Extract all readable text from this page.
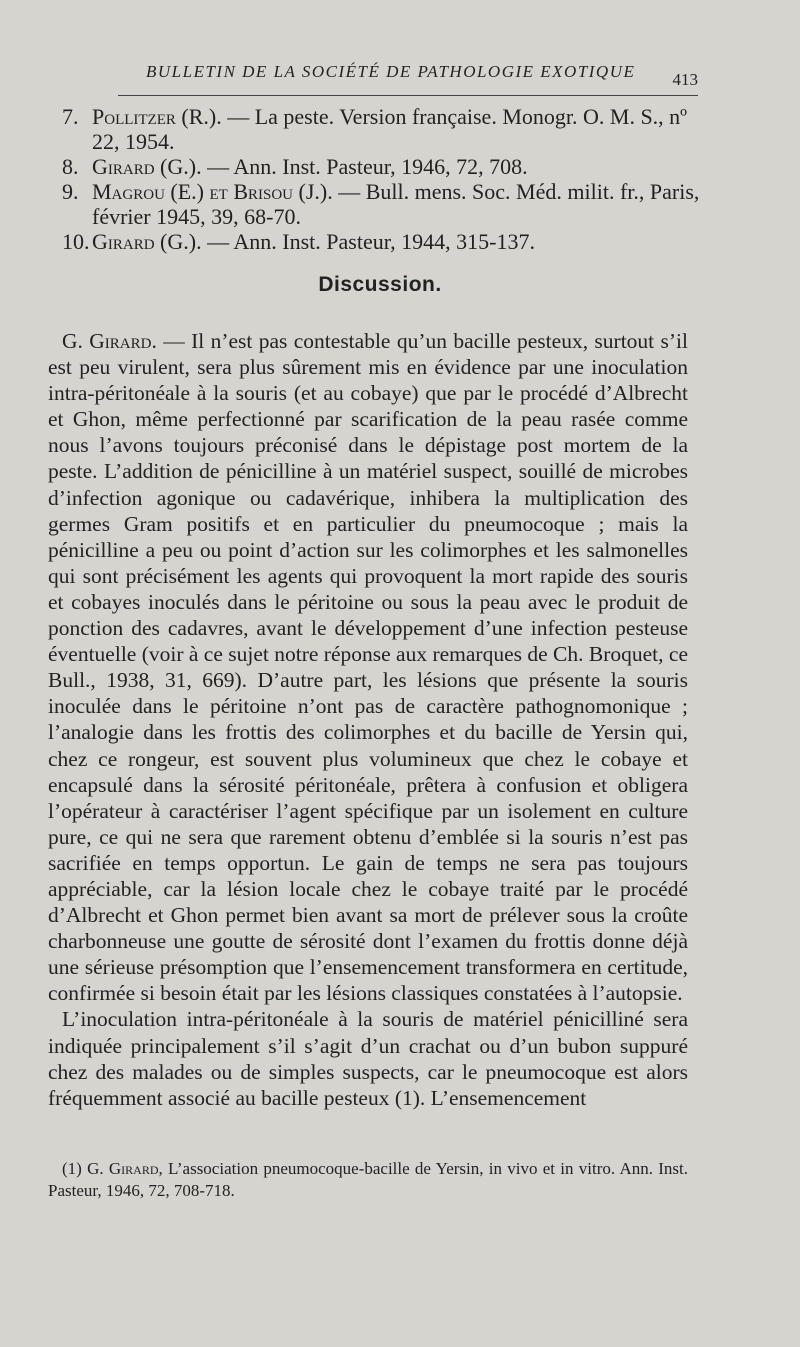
BULLETIN DE LA SOCIÉTÉ DE PATHOLOGIE EXOTIQUE 413
7. Pollitzer (R.). — La peste. Version française. Monogr. O. M. S., nº 22, 1954.
8. Girard (G.). — Ann. Inst. Pasteur, 1946, 72, 708.
9. Magrou (E.) et Brisou (J.). — Bull. mens. Soc. Méd. milit. fr., Paris, février 1945, 39, 68-70.
10. Girard (G.). — Ann. Inst. Pasteur, 1944, 315-137.
Discussion.

G. Girard. — Il n’est pas contestable qu’un bacille pesteux, surtout s’il est peu virulent, sera plus sûrement mis en évidence par une inoculation intra-péritonéale à la souris (et au cobaye) que par le procédé d’Albrecht et Ghon, même perfectionné par scarification de la peau rasée comme nous l’avons toujours préconisé dans le dépistage post mortem de la peste. L’addition de pénicilline à un matériel suspect, souillé de microbes d’infection agonique ou cadavérique, inhibera la multiplication des germes Gram positifs et en particulier du pneumocoque ; mais la pénicilline a peu ou point d’action sur les colimorphes et les salmonelles qui sont précisément les agents qui provoquent la mort rapide des souris et cobayes inoculés dans le péritoine ou sous la peau avec le produit de ponction des cadavres, avant le développement d’une infection pesteuse éventuelle (voir à ce sujet notre réponse aux remarques de Ch. Broquet, ce Bull., 1938, 31, 669). D’autre part, les lésions que présente la souris inoculée dans le péritoine n’ont pas de caractère pathognomonique ; l’analogie dans les frottis des colimorphes et du bacille de Yersin qui, chez ce rongeur, est souvent plus volumineux que chez le cobaye et encapsulé dans la sérosité péritonéale, prêtera à confusion et obligera l’opérateur à caractériser l’agent spécifique par un isolement en culture pure, ce qui ne sera que rarement obtenu d’emblée si la souris n’est pas sacrifiée en temps opportun. Le gain de temps ne sera pas toujours appréciable, car la lésion locale chez le cobaye traité par le procédé d’Albrecht et Ghon permet bien avant sa mort de prélever sous la croûte charbonneuse une goutte de sérosité dont l’examen du frottis donne déjà une sérieuse présomption que l’ensemencement transformera en certitude, confirmée si besoin était par les lésions classiques constatées à l’autopsie.

L’inoculation intra-péritonéale à la souris de matériel pénicilliné sera indiquée principalement s’il s’agit d’un crachat ou d’un bubon suppuré chez des malades ou de simples suspects, car le pneumocoque est alors fréquemment associé au bacille pesteux (1). L’ensemencement

(1) G. Girard, L’association pneumocoque-bacille de Yersin, in vivo et in vitro. Ann. Inst. Pasteur, 1946, 72, 708-718.
